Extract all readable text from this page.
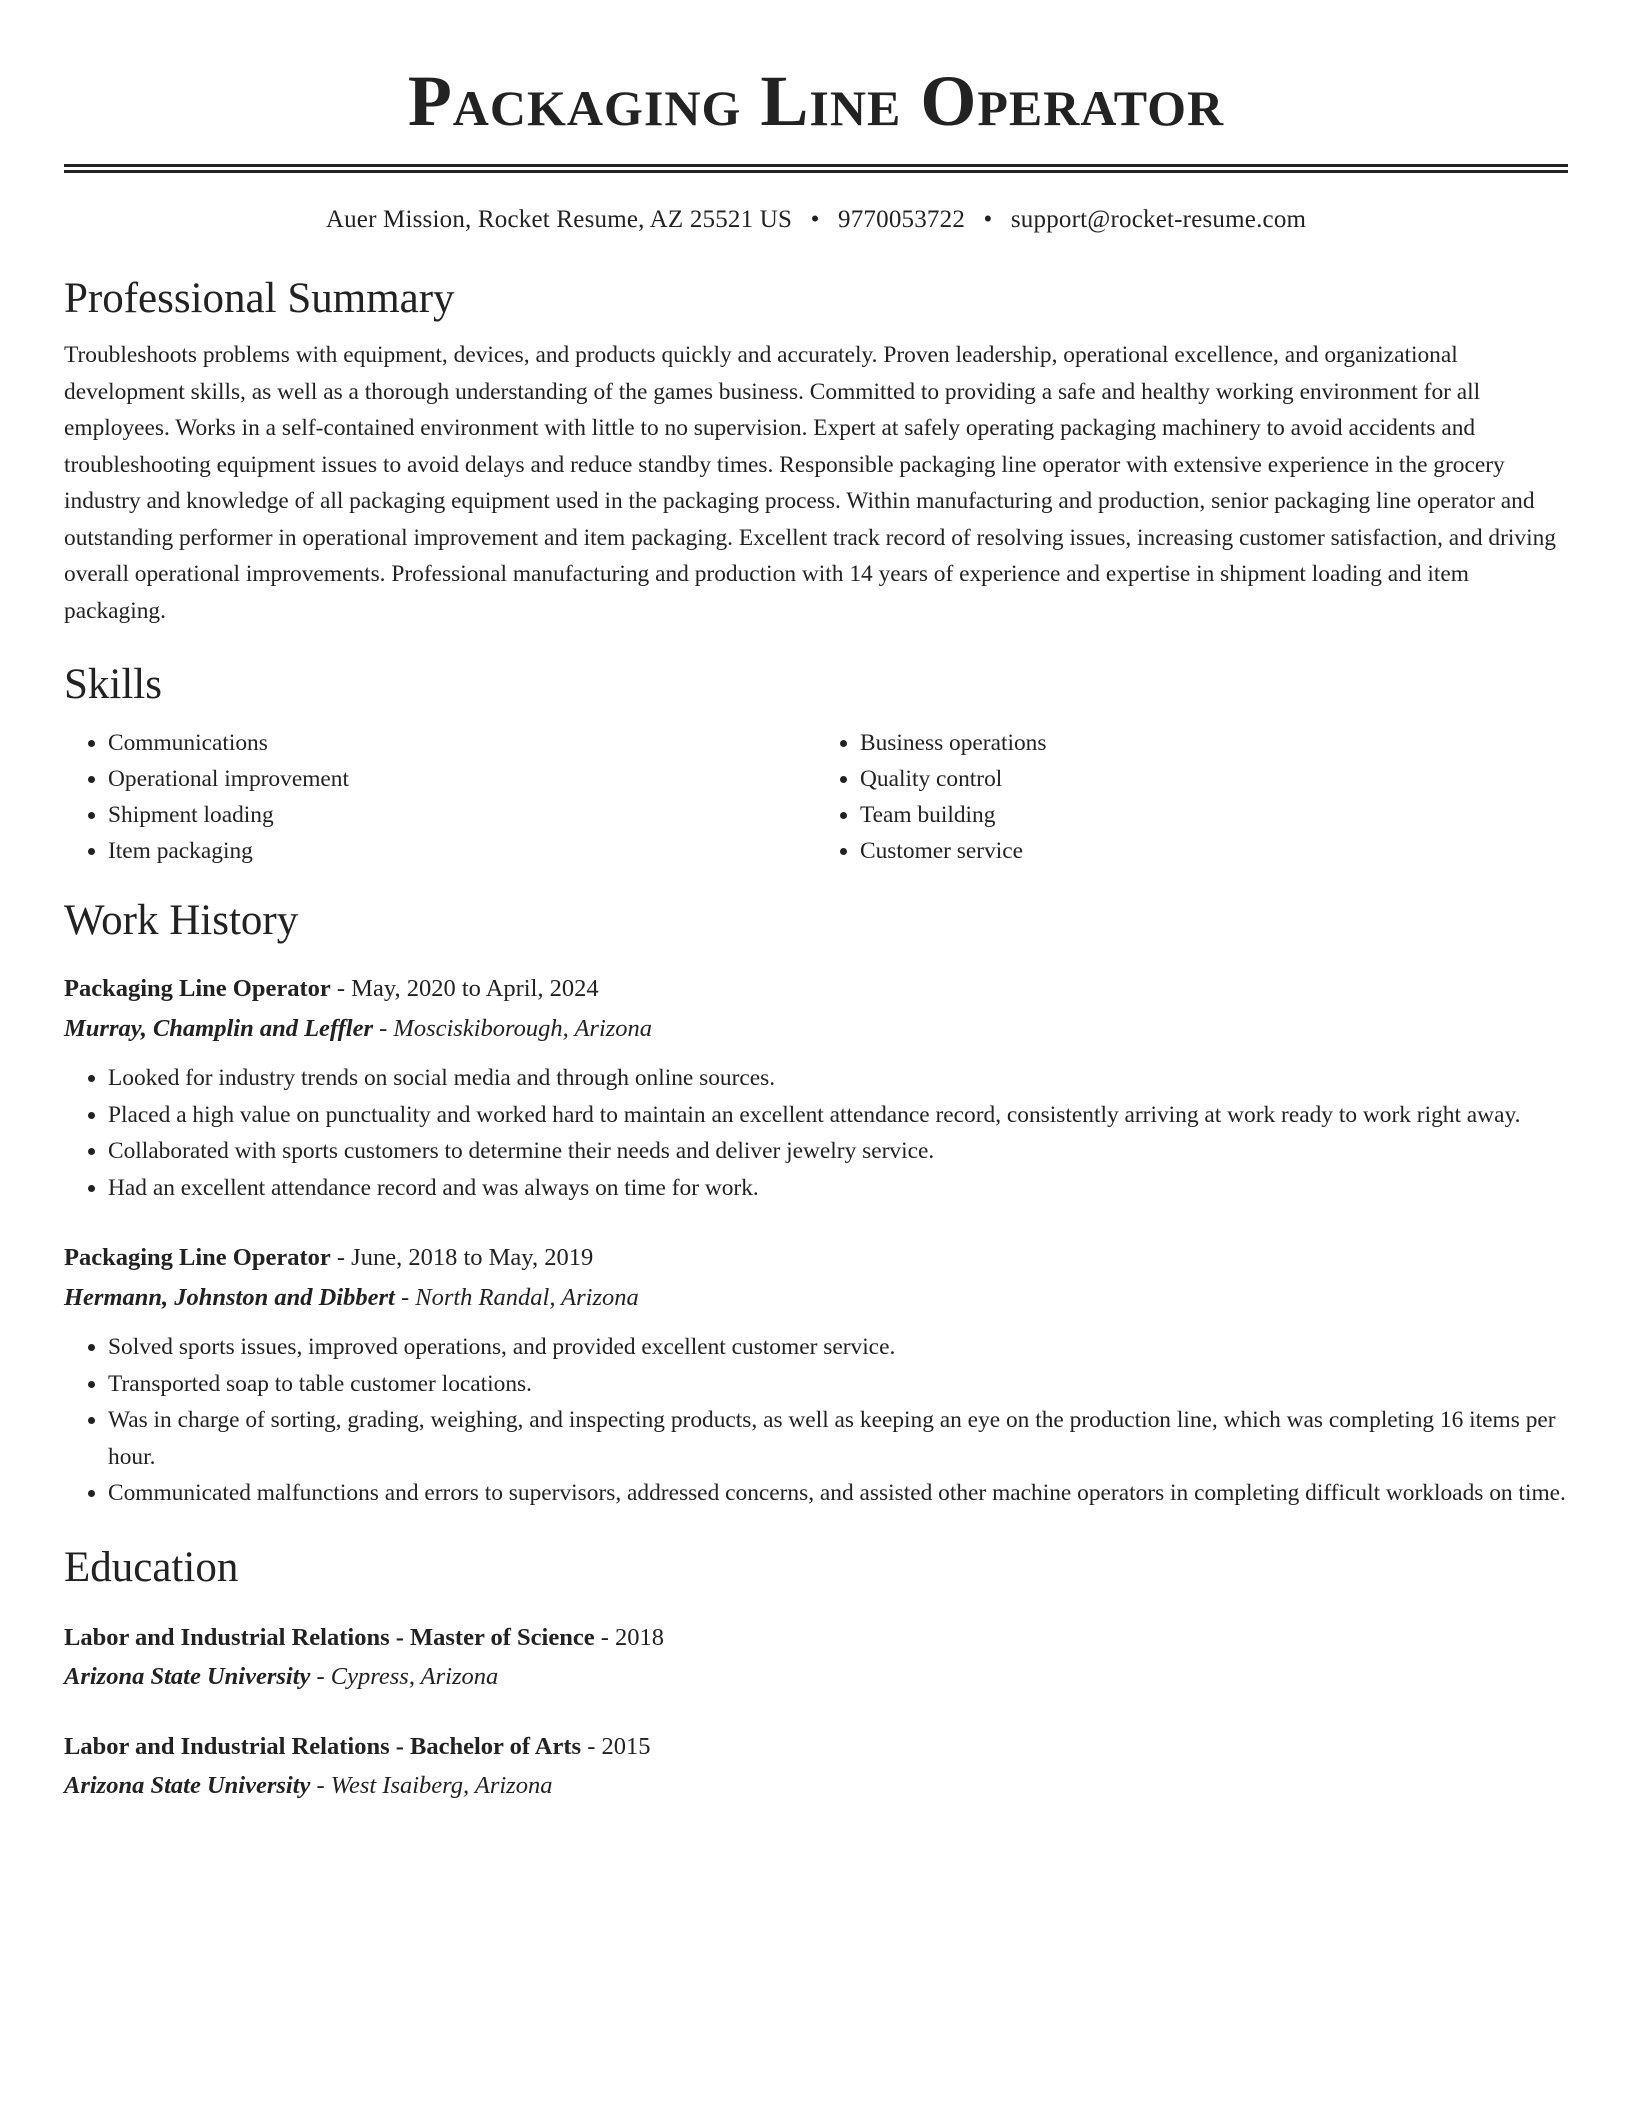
Packaging Line Operator
Auer Mission, Rocket Resume, AZ 25521 US • 9770053722 • support@rocket-resume.com
Professional Summary

Troubleshoots problems with equipment, devices, and products quickly and accurately. Proven leadership, operational excellence, and organizational development skills, as well as a thorough understanding of the games business. Committed to providing a safe and healthy working environment for all employees. Works in a self-contained environment with little to no supervision. Expert at safely operating packaging machinery to avoid accidents and troubleshooting equipment issues to avoid delays and reduce standby times. Responsible packaging line operator with extensive experience in the grocery industry and knowledge of all packaging equipment used in the packaging process. Within manufacturing and production, senior packaging line operator and outstanding performer in operational improvement and item packaging. Excellent track record of resolving issues, increasing customer satisfaction, and driving overall operational improvements. Professional manufacturing and production with 14 years of experience and expertise in shipment loading and item packaging.

Skills
• Communications
• Operational improvement
• Shipment loading
• Item packaging
• Business operations
• Quality control
• Team building
• Customer service
Work History
Packaging Line Operator - May, 2020 to April, 2024
Murray, Champlin and Leffler - Mosciskiborough, Arizona
• Looked for industry trends on social media and through online sources.
• Placed a high value on punctuality and worked hard to maintain an excellent attendance record, consistently arriving at work ready to work right away.
• Collaborated with sports customers to determine their needs and deliver jewelry service.
• Had an excellent attendance record and was always on time for work.
Packaging Line Operator - June, 2018 to May, 2019
Hermann, Johnston and Dibbert - North Randal, Arizona
• Solved sports issues, improved operations, and provided excellent customer service.
• Transported soap to table customer locations.
• Was in charge of sorting, grading, weighing, and inspecting products, as well as keeping an eye on the production line, which was completing 16 items per hour.
• Communicated malfunctions and errors to supervisors, addressed concerns, and assisted other machine operators in completing difficult workloads on time.
Education
Labor and Industrial Relations - Master of Science - 2018
Arizona State University - Cypress, Arizona
Labor and Industrial Relations - Bachelor of Arts - 2015
Arizona State University - West Isaiberg, Arizona
